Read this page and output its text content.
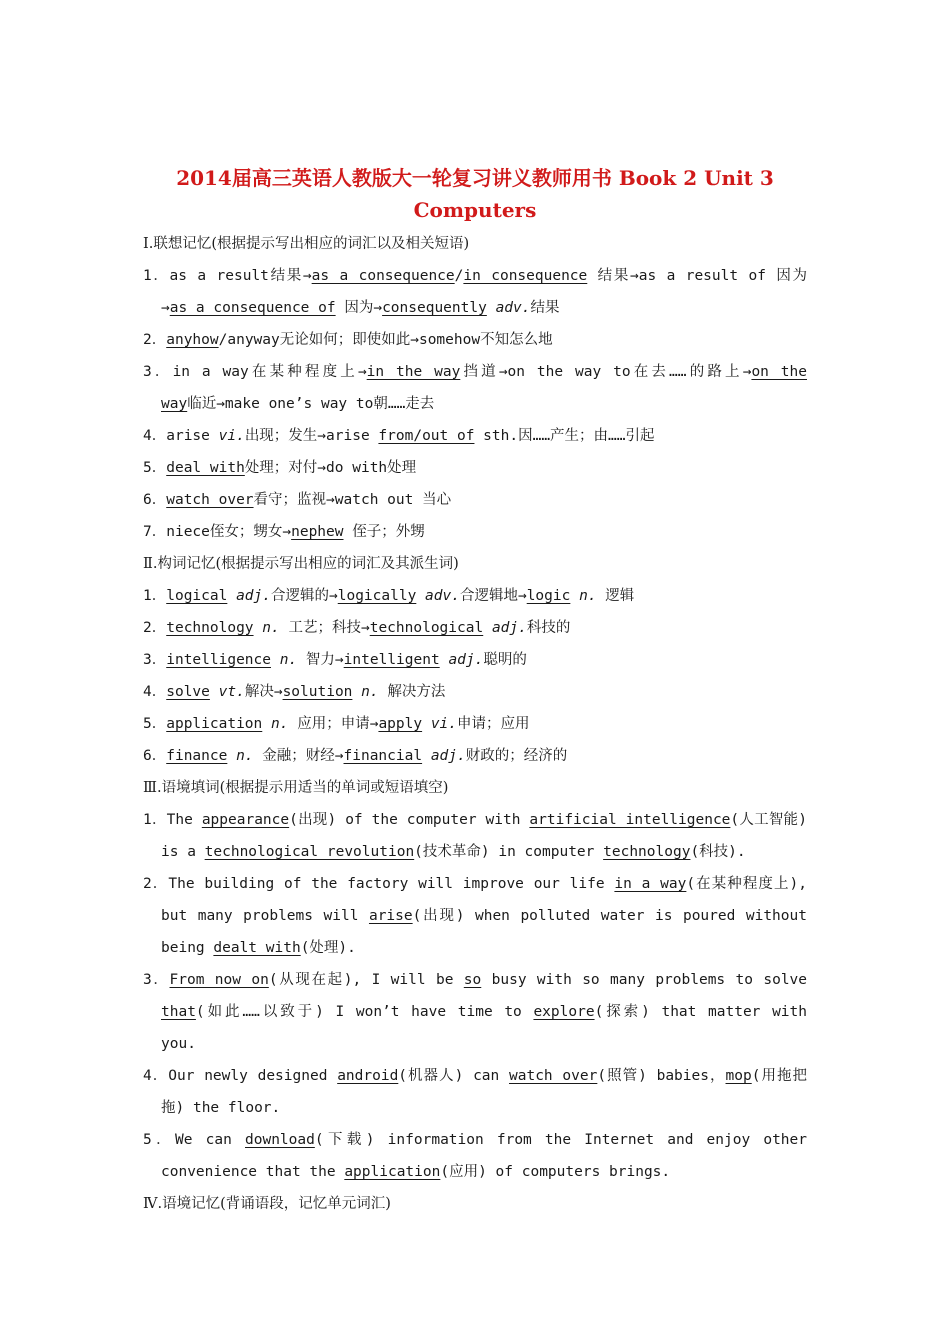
2014届高三英语人教版大一轮复习讲义教师用书 Book 2 Unit 3
Computers
Ⅰ.联想记忆(根据提示写出相应的词汇以及相关短语)
1．as a result结果→as a consequence/in consequence 结果→as a result of 因为
→as a consequence of 因为→consequently adv.结果
2．anyhow/anyway无论如何；即使如此→somehow不知怎么地
3．in a way在某种程度上→in the way挡道→on the way to在去……的路上→on the
way临近→make one’s way to朝……走去
4．arise vi.出现；发生→arise from/out of sth.因……产生；由……引起
5．deal with处理；对付→do with处理
6．watch over看守；监视→watch out 当心
7．niece侄女；甥女→nephew 侄子；外甥
Ⅱ.构词记忆(根据提示写出相应的词汇及其派生词)
1．logical adj.合逻辑的→logically adv.合逻辑地→logic n. 逻辑
2．technology n. 工艺；科技→technological adj.科技的
3．intelligence n. 智力→intelligent adj.聪明的
4．solve vt.解决→solution n. 解决方法
5．application n. 应用；申请→apply vi.申请；应用
6．finance n. 金融；财经→financial adj.财政的；经济的
Ⅲ.语境填词(根据提示用适当的单词或短语填空)
1．The appearance(出现) of the computer with artificial intelligence(人工智能)
is a technological revolution(技术革命) in computer technology(科技).
2．The building of the factory will improve our life in a way(在某种程度上),
but many problems will arise(出现) when polluted water is poured without
being dealt with(处理).
3．From now on(从现在起), I will be so busy with so many problems to solve
that(如此……以致于) I won’t have time to explore(探索) that matter with
you.
4．Our newly designed android(机器人) can watch over(照管) babies，mop(用拖把
拖) the floor.
5．We can download(下载) information from the Internet and enjoy other
convenience that the application(应用) of computers brings.
Ⅳ.语境记忆(背诵语段，记忆单元词汇)
